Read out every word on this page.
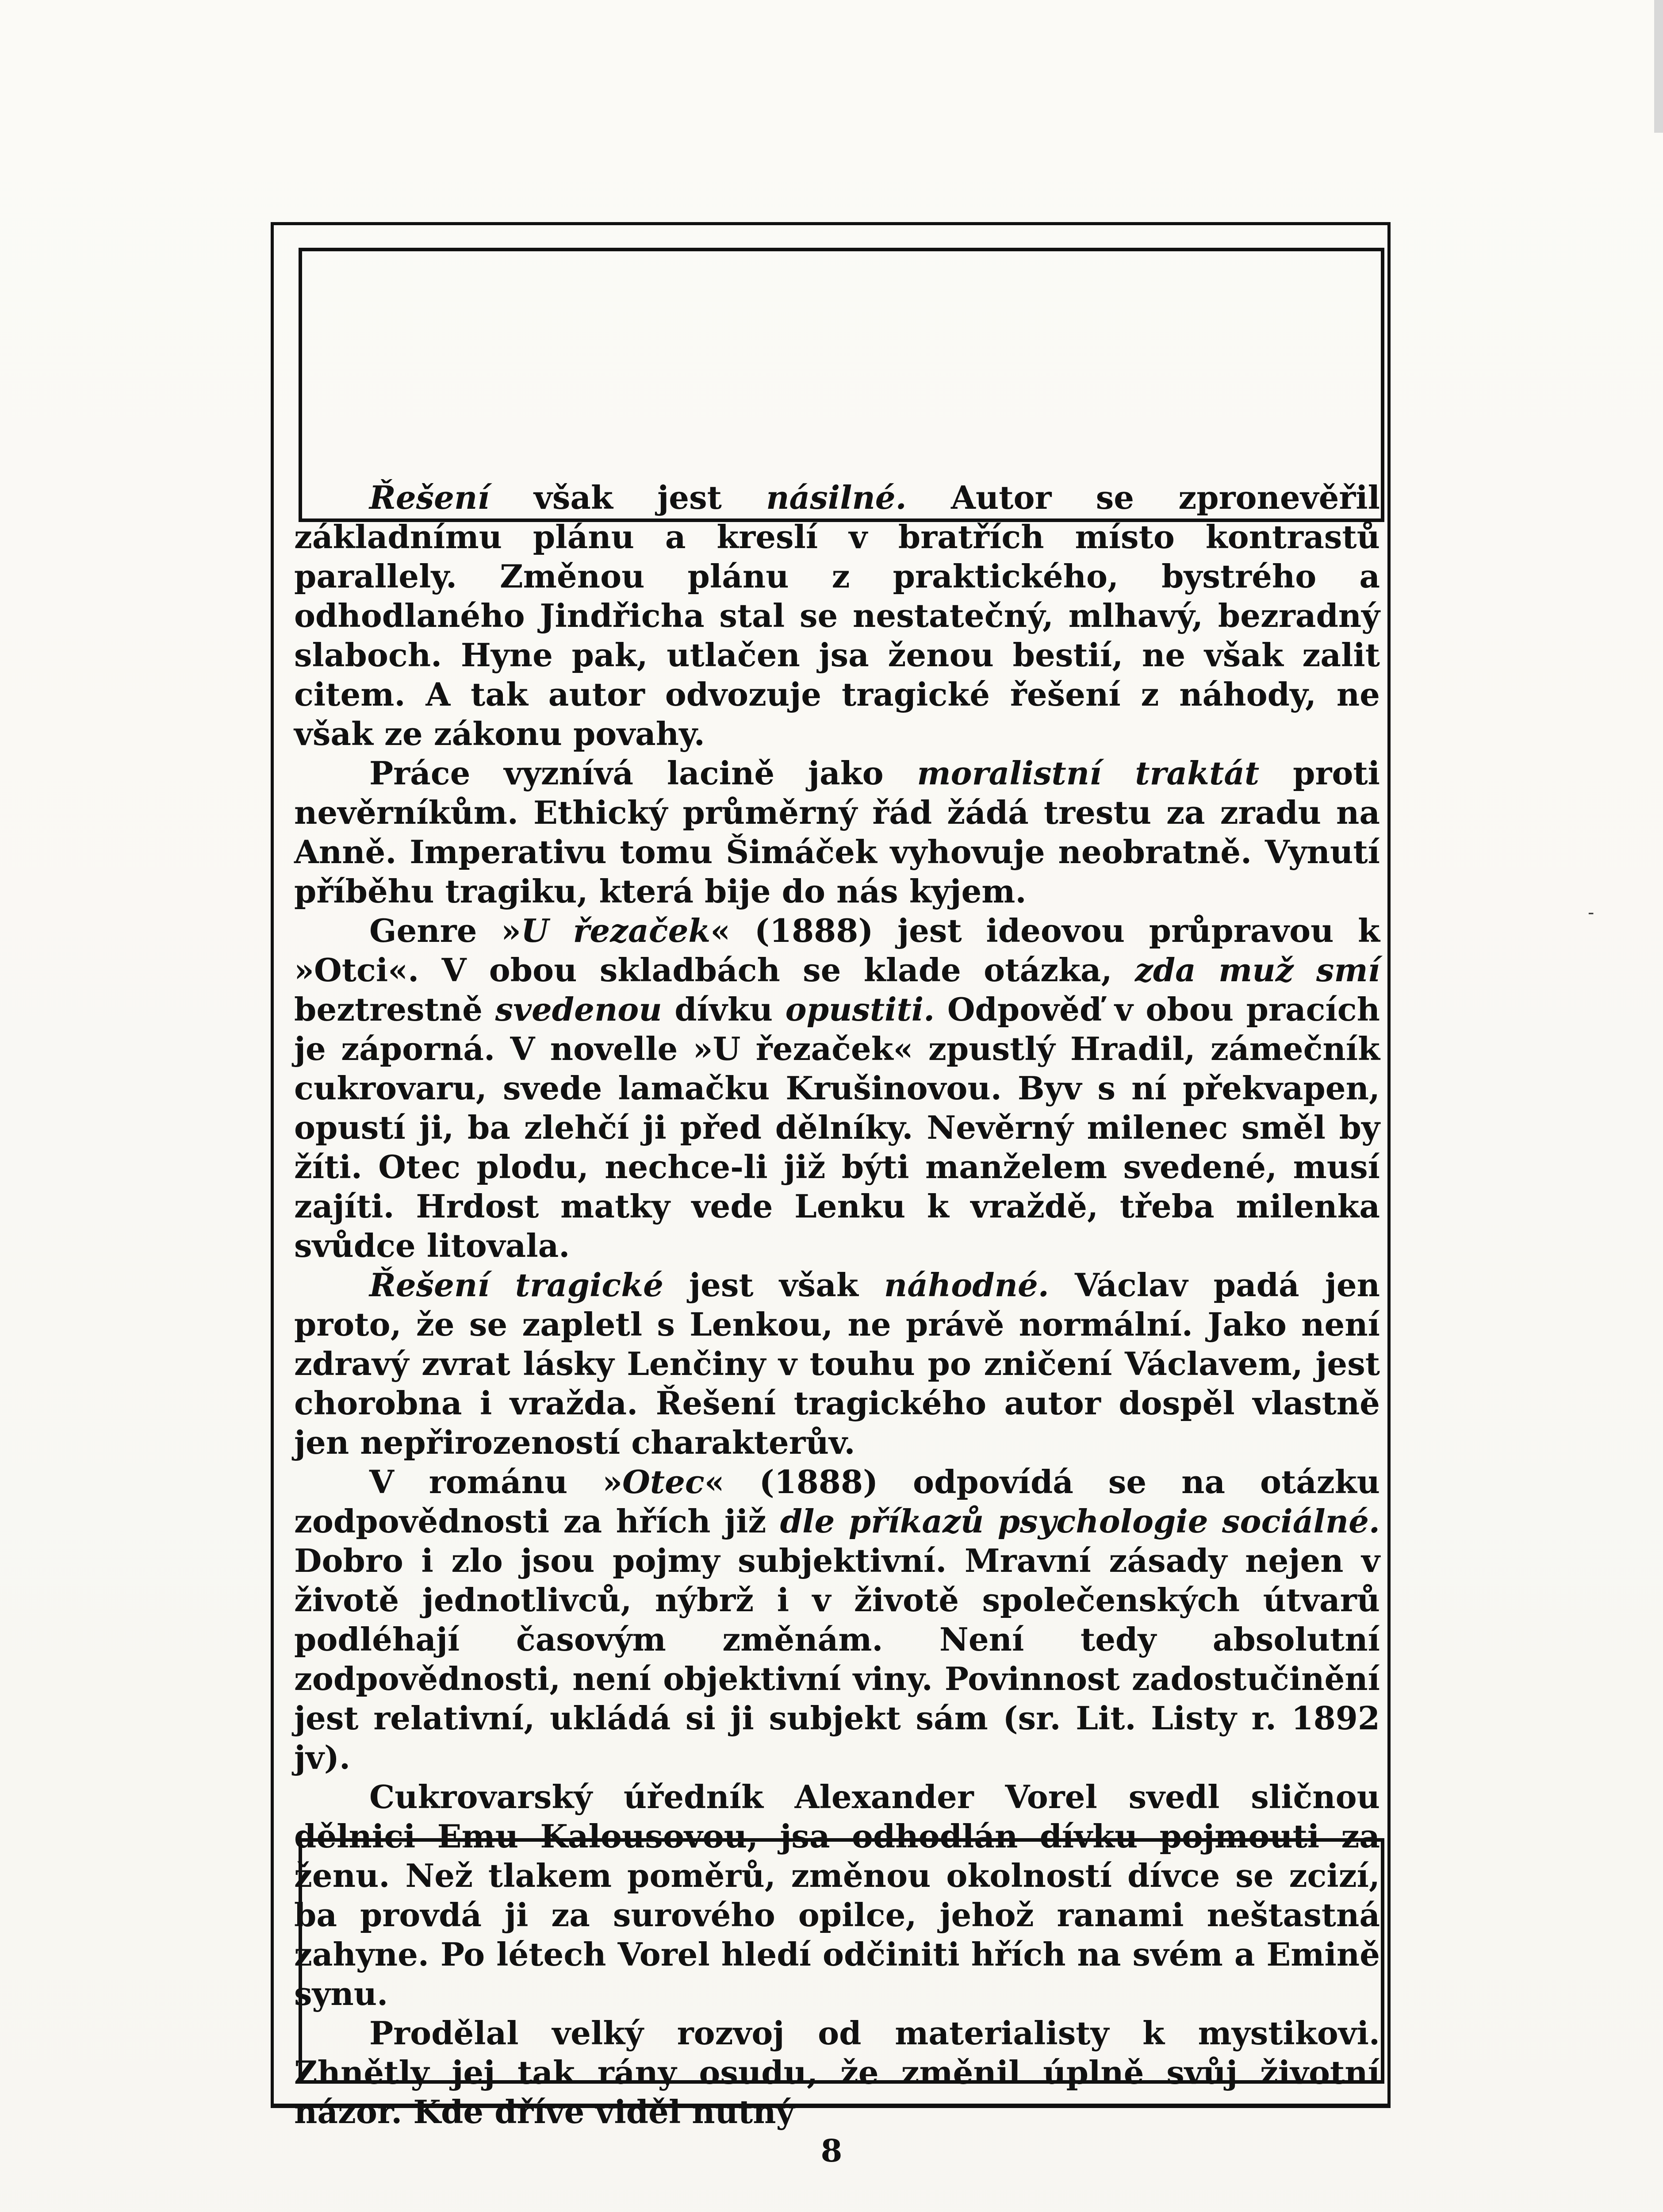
Řešení však jest násilné. Autor se zpronevěřil základnímu plánu a kreslí v bratřích místo kontrastů parallely. Změnou plánu z praktického, bystrého a odhodlaného Jindřicha stal se nestatečný, mlhavý, bezradný slaboch. Hyne pak, utlačen jsa ženou bestií, ne však zalit citem. A tak autor odvozuje tragické řešení z náhody, ne však ze zákonu povahy.

Práce vyznívá lacině jako moralistní traktát proti nevěrníkům. Ethický průměrný řád žádá trestu za zradu na Anně. Imperativu tomu Šimáček vyhovuje neobratně. Vynutí příběhu tragiku, která bije do nás kyjem.

Genre »U řezaček« (1888) jest ideovou průpravou k »Otci«. V obou skladbách se klade otázka, zda muž smí beztrestně svedenou dívku opustiti. Odpověď v obou pracích je záporná. V novelle »U řezaček« zpustlý Hradil, zámečník cukrovaru, svede lamačku Krušinovou. Byv s ní překvapen, opustí ji, ba zlehčí ji před dělníky. Nevěrný milenec směl by žíti. Otec plodu, nechce-li již býti manželem svedené, musí zajíti. Hrdost matky vede Lenku k vraždě, třeba milenka svůdce litovala.

Řešení tragické jest však náhodné. Václav padá jen proto, že se zapletl s Lenkou, ne právě normální. Jako není zdravý zvrat lásky Lenčiny v touhu po zničení Václavem, jest chorobna i vražda. Řešení tragického autor dospěl vlastně jen nepřirozeností charakterův.

V románu »Otec« (1888) odpovídá se na otázku zodpovědnosti za hřích již dle příkazů psychologie sociálné. Dobro i zlo jsou pojmy subjektivní. Mravní zásady nejen v životě jednotlivců, nýbrž i v životě společenských útvarů podléhají časovým změnám. Není tedy absolutní zodpovědnosti, není objektivní viny. Povinnost zadostučinění jest relativní, ukládá si ji subjekt sám (sr. Lit. Listy r. 1892 jv).

Cukrovarský úředník Alexander Vorel svedl sličnou dělnici Emu Kalousovou, jsa odhodlán dívku pojmouti za ženu. Než tlakem poměrů, změnou okolností dívce se zcizí, ba provdá ji za surového opilce, jehož ranami neštastná zahyne. Po létech Vorel hledí odčiniti hřích na svém a Emině synu.

Prodělal velký rozvoj od materialisty k mystikovi. Zhnětly jej tak rány osudu, že změnil úplně svůj životní názor. Kde dříve viděl nutný

8
-
